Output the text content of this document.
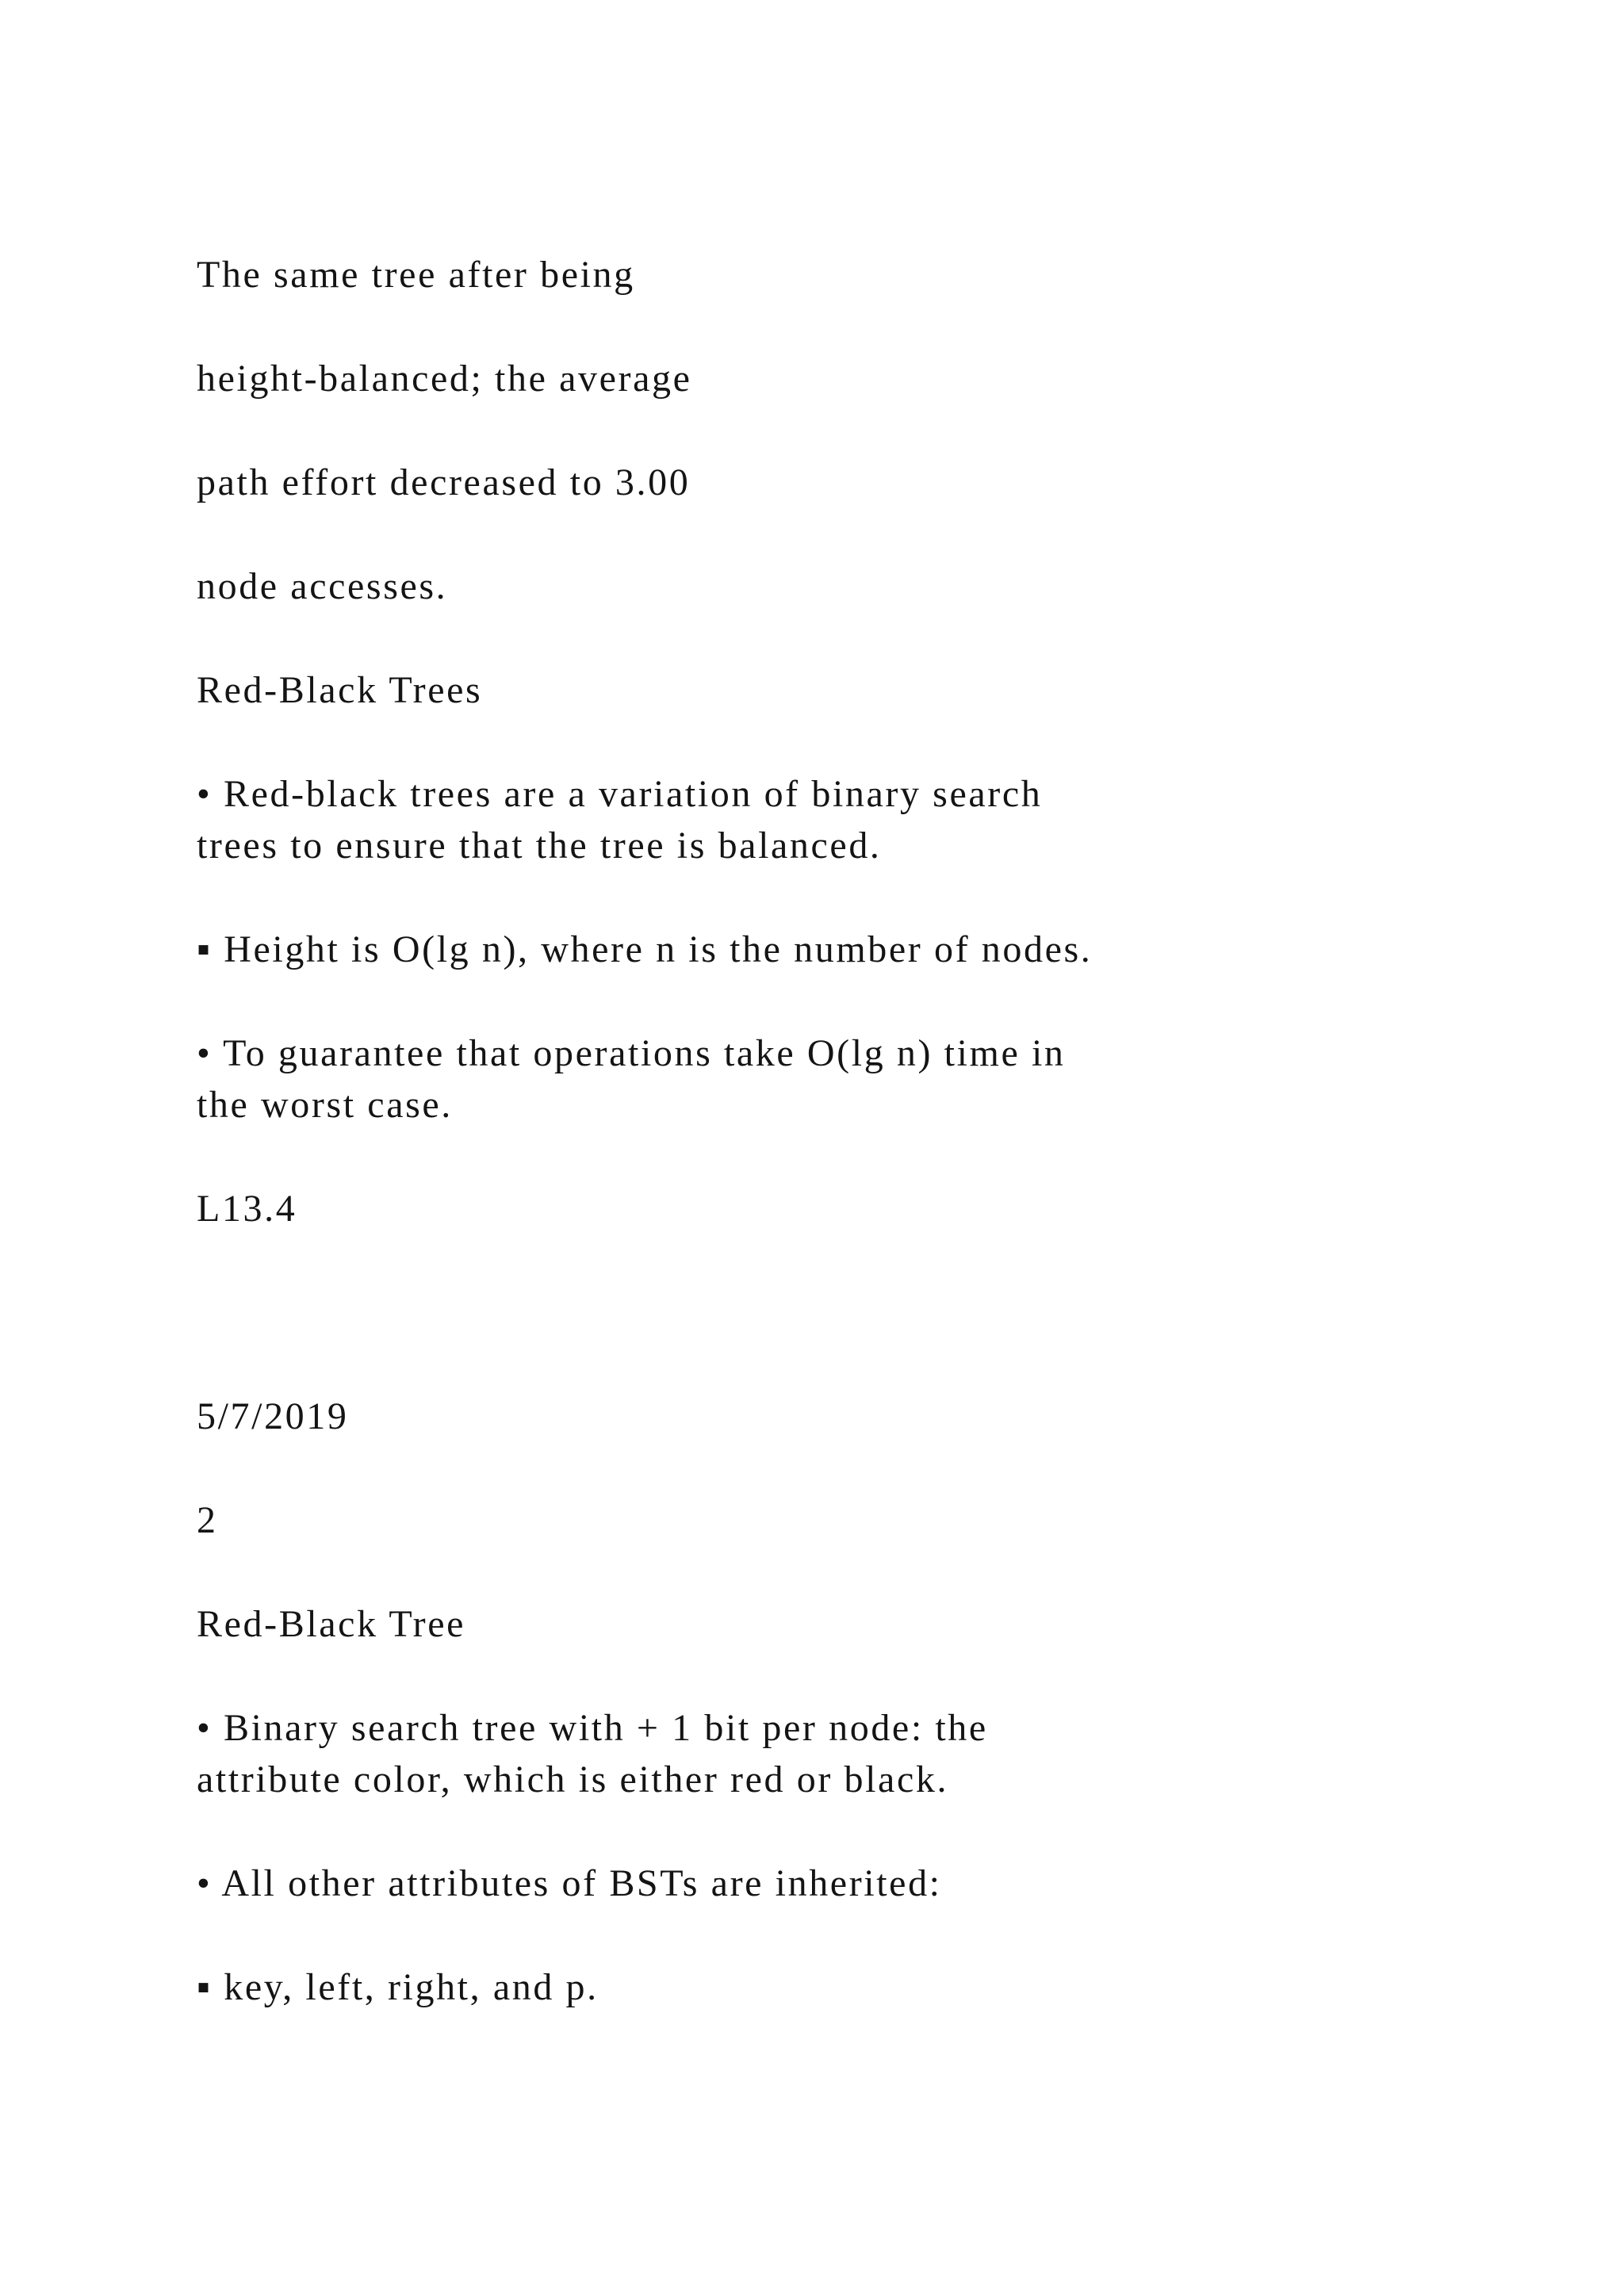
The same tree after being

height-balanced; the average

path effort decreased to 3.00

node accesses.

Red-Black Trees

• Red-black trees are a variation of binary search

trees to ensure that the tree is balanced.

▪ Height is O(lg n), where n is the number of nodes.

• To guarantee that operations take O(lg n) time in

the worst case.

L13.4

5/7/2019

2

Red-Black Tree

• Binary search tree with + 1 bit per node: the

attribute color, which is either red or black.

• All other attributes of BSTs are inherited:

▪ key, left, right, and p.
